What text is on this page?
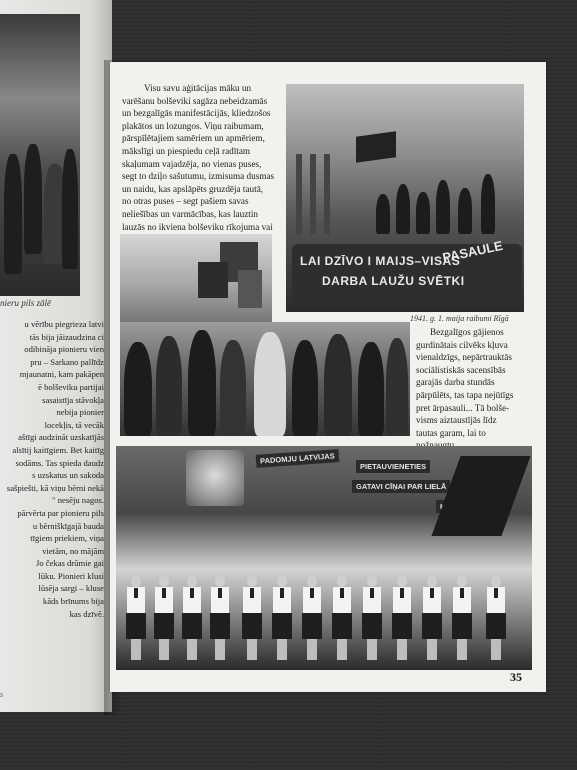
nieru pils zālē
u vērību piegrieza latvi
tās bija jāizaudzina ci
odibināja pionieru vien
pru – Sarkano pallīdz
mjaunatni, kam pakāpen
ē bolševiku partijai
sasaistīja stāvokļa
nebija pionier
locekļis, tā vecāk
aštīgi audzināt uzskatījās
alsītij kaitīgiem. Bet kaitīg
sodāms. Tas spieda daudz
s uzskatus un sakoda
sašpiešti, kā viņu bērni nekā
" nesēju nagos.
pārvērta par pionieru pils
u bērniškīgajā bauda
tīgiem priekiem, viņa
vietām, no mājām
Jo čekas drūmie gai
lūku. Pionieri klusi
lūsēja sargi – kluse
kāds brīnums bija
kas dzīvē.
s
Visu savu aģitācijas māku un
varēšanu bolševiki sagāza nebeidzamās
un bezgalīgās manifestācijās, kliedzošos
plakātos un lozungos. Viņu raibumam,
pārspīlētajiem samēriem un apmēriem,
mākslīgi un piespiedu ceļā radītam
skaļumam vajadzēja, no vienas puses,
segt to dziļo sašutumu, izmisuma dusmas
un naidu, kas apslāpēts gruzdēja tautā,
no otras puses – segt pašiem savas
neliešības un varmācības, kas lauztin
lauzās no ikviena bolševiku rīkojuma vai
PASAULE
LAI DZĪVO I MAIJS–VISAS
DARBA LAUŽU SVĒTKI
1941. g. 1. maija raibumi Rīgā
Bezgalīgos gājienos
gurdinātais cilvēks kļuva
vienaldzīgs, nepārtrauktās
sociālistiskās sacensībās
garajās darba stundās
pārpūlēts, tas tapa nejūtīgs
pret ārpasauli... Tā bolše-
visms aiztaustījās līdz
tautas garam, lai to
PADOMJU LATVIJAS
PIETAUVIENETIES
GATAVI CĪŅAI PAR LIELĀ
35
